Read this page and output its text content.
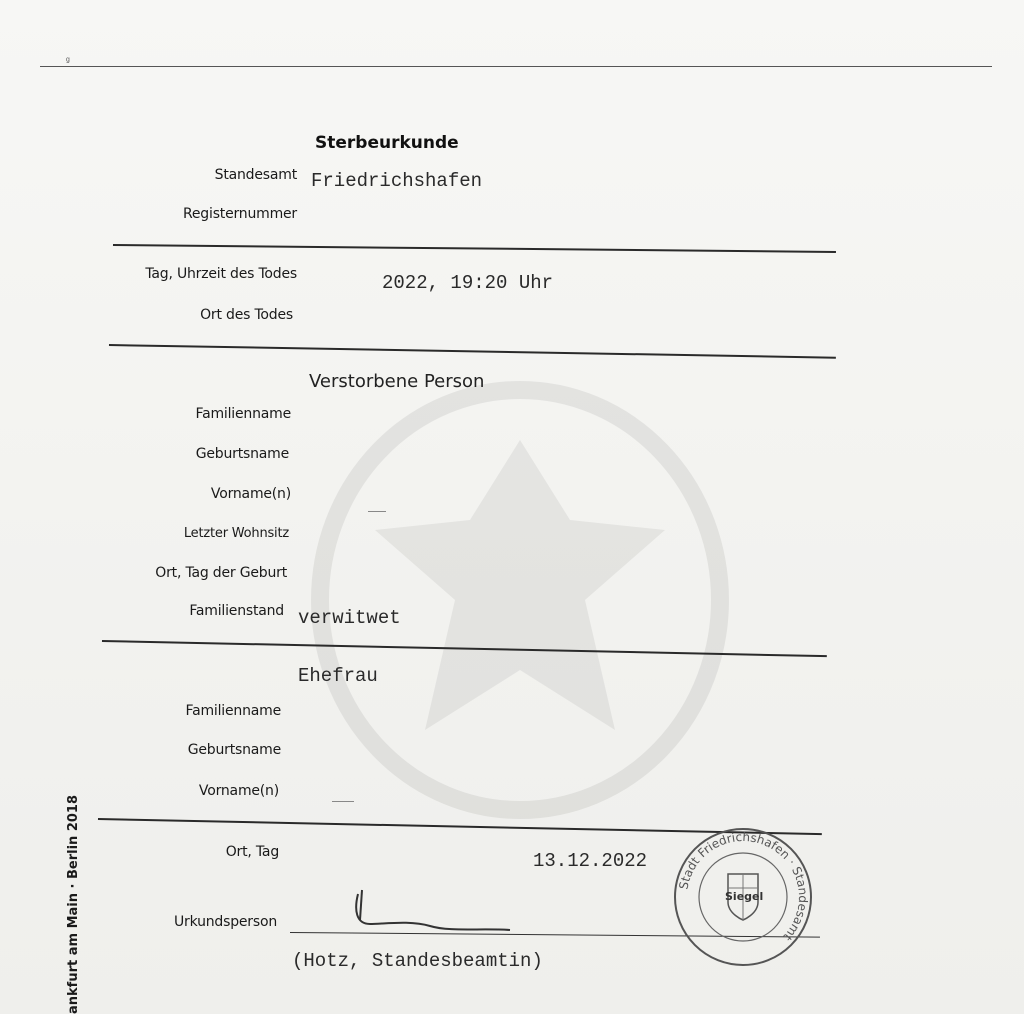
ᵍ
ankfurt am Main · Berlin 2018
Sterbeurkunde
Standesamt Friedrichshafen
Registernummer
Tag, Uhrzeit des Todes	2022, 19:20 Uhr
Ort des Todes
Verstorbene Person
Familienname
Geburtsname
Vorname(n)
Letzter Wohnsitz
Ort, Tag der Geburt
Familienstand verwitwet
Ehefrau
Familienname
Geburtsname
Vorname(n)
Ort, Tag	13.12.2022
Urkundsperson
(Hotz, Standesbeamtin)
Stadt Friedrichshafen · Standesamt
Siegel
